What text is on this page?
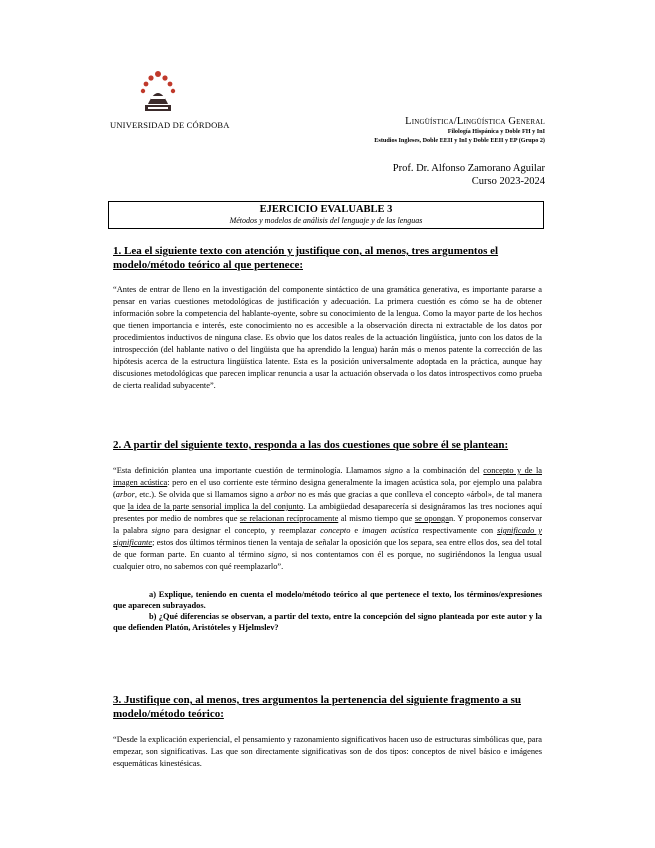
UNIVERSIDAD DE CÓRDOBA	Lingüística/Lingüística General
Filología Hispánica y Doble FH y InI
Estudios Ingleses, Doble EEII y InI y Doble EEII y EP (Grupo 2)
Prof. Dr. Alfonso Zamorano Aguilar
Curso 2023-2024
EJERCICIO EVALUABLE 3
Métodos y modelos de análisis del lenguaje y de las lenguas
1. Lea el siguiente texto con atención y justifique con, al menos, tres argumentos el modelo/método teórico al que pertenece:
“Antes de entrar de lleno en la investigación del componente sintáctico de una gramática generativa, es importante pararse a pensar en varias cuestiones metodológicas de justificación y adecuación. La primera cuestión es cómo se ha de obtener información sobre la competencia del hablante-oyente, sobre su conocimiento de la lengua. Como la mayor parte de los hechos que tienen importancia e interés, este conocimiento no es accesible a la observación directa ni extractable de los datos por procedimientos inductivos de ninguna clase. Es obvio que los datos reales de la actuación lingüística, junto con los datos de la introspección (del hablante nativo o del lingüista que ha aprendido la lengua) harán más o menos patente la corrección de las hipótesis acerca de la estructura lingüística latente. Esta es la posición universalmente adoptada en la práctica, aunque hay discusiones metodológicas que parecen implicar renuncia a usar la actuación observada o los datos introspectivos como prueba de cierta realidad subyacente”.
2. A partir del siguiente texto, responda a las dos cuestiones que sobre él se plantean:
“Esta definición plantea una importante cuestión de terminología. Llamamos signo a la combinación del concepto y de la imagen acústica: pero en el uso corriente este término designa generalmente la imagen acústica sola, por ejemplo una palabra (arbor, etc.). Se olvida que si llamamos signo a arbor no es más que gracias a que conlleva el concepto «árbol», de tal manera que la idea de la parte sensorial implica la del conjunto. La ambigüedad desaparecería si designáramos las tres nociones aquí presentes por medio de nombres que se relacionan recíprocamente al mismo tiempo que se opongan. Y proponemos conservar la palabra signo para designar el concepto, y reemplazar concepto e imagen acústica respectivamente con significado y significante; estos dos últimos términos tienen la ventaja de señalar la oposición que los separa, sea entre ellos dos, sea del total de que forman parte. En cuanto al término signo, si nos contentamos con él es porque, no sugiriéndonos la lengua usual cualquier otro, no sabemos con qué reemplazarlo”.
a) Explique, teniendo en cuenta el modelo/método teórico al que pertenece el texto, los términos/expresiones que aparecen subrayados.
b) ¿Qué diferencias se observan, a partir del texto, entre la concepción del signo planteada por este autor y la que defienden Platón, Aristóteles y Hjelmslev?
3. Justifique con, al menos, tres argumentos la pertenencia del siguiente fragmento a su modelo/método teórico:
“Desde la explicación experiencial, el pensamiento y razonamiento significativos hacen uso de estructuras simbólicas que, para empezar, son significativas. Las que son directamente significativas son de dos tipos: conceptos de nivel básico e imágenes esquemáticas kinestésicas.
